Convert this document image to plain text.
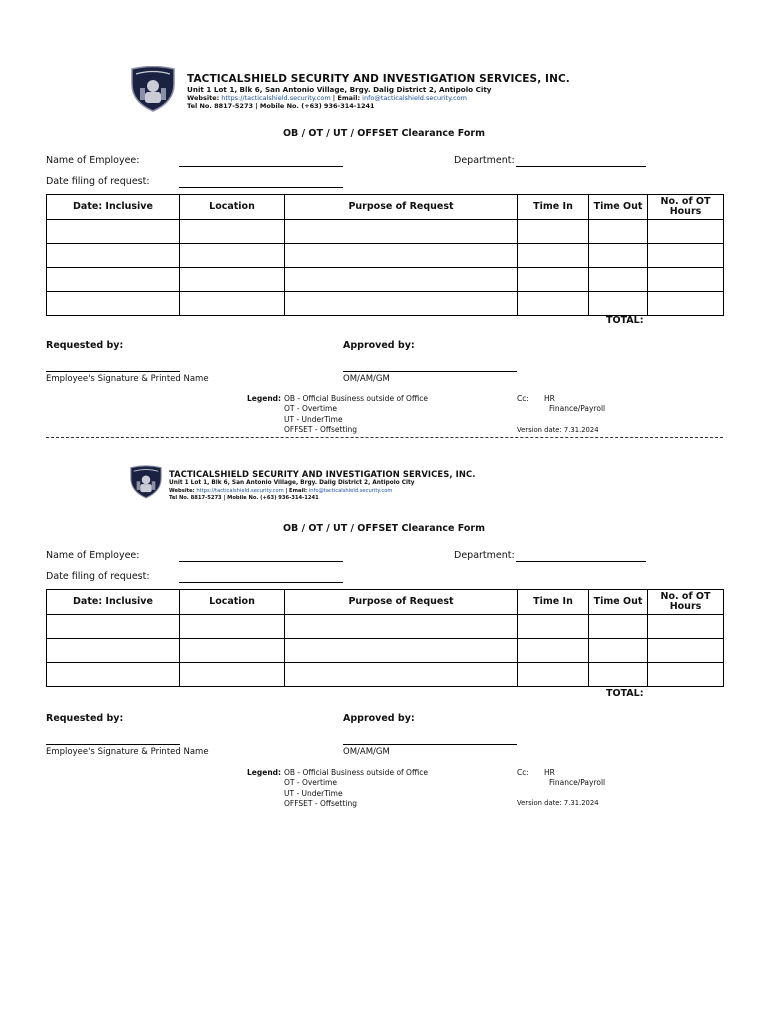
TACTICALSHIELD SECURITY AND INVESTIGATION SERVICES, INC.
Unit 1 Lot 1, Blk 6, San Antonio Village, Brgy. Dalig District 2, Antipolo City
Website: https://tacticalshield.security.com | Email: info@tacticalshield.security.com
Tel No. 8817-5273 | Mobile No. (+63) 936-314-1241
OB / OT / UT / OFFSET Clearance Form
Name of Employee:	Department:
Date filing of request:
Date: Inclusive	Location	Purpose of Request	Time In	Time Out	No. of OT Hours

TOTAL:
Requested by:	Approved by:
Employee's Signature & Printed Name	OM/AM/GM
Legend: OB - Official Business outside of Office
OT - Overtime
UT - UnderTime
OFFSET - Offsetting
Cc: HR
Finance/Payroll
Version date: 7.31.2024
TACTICALSHIELD SECURITY AND INVESTIGATION SERVICES, INC.
Unit 1 Lot 1, Blk 6, San Antonio Village, Brgy. Dalig District 2, Antipolo City
Website: https://tacticalshield.security.com | Email: info@tacticalshield.security.com
Tel No. 8817-5273 | Mobile No. (+63) 936-314-1241
OB / OT / UT / OFFSET Clearance Form
Name of Employee:	Department:
Date filing of request:
Date: Inclusive	Location	Purpose of Request	Time In	Time Out	No. of OT Hours

TOTAL:
Requested by:	Approved by:
Employee's Signature & Printed Name	OM/AM/GM
Legend: OB - Official Business outside of Office
OT - Overtime
UT - UnderTime
OFFSET - Offsetting
Cc: HR
Finance/Payroll
Version date: 7.31.2024
